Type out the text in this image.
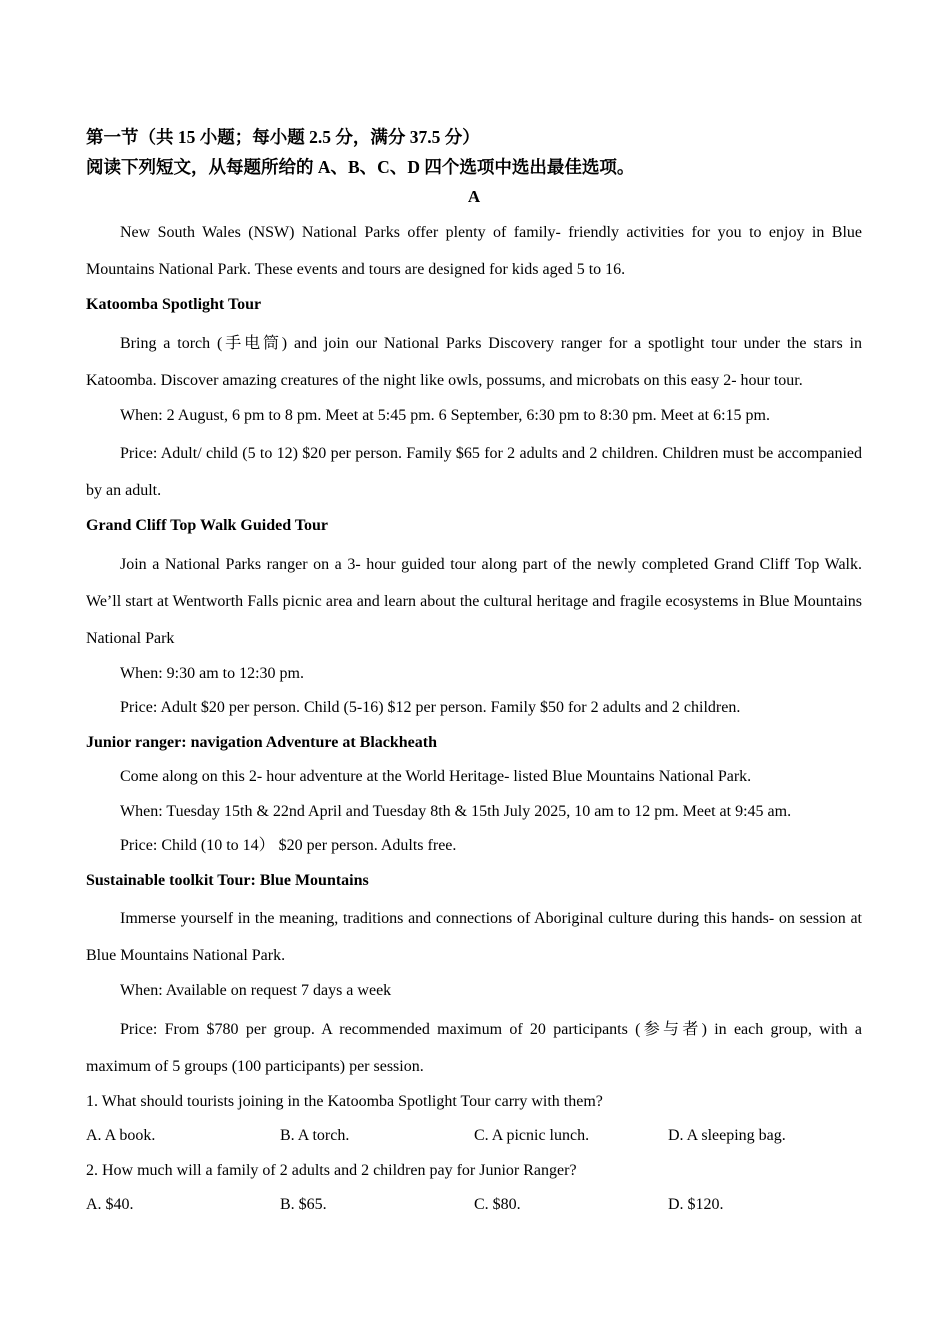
第一节（共 15 小题；每小题 2.5 分，满分 37.5 分）

阅读下列短文，从每题所给的 A、B、C、D 四个选项中选出最佳选项。

A

New South Wales (NSW) National Parks offer plenty of family- friendly activities for you to enjoy in Blue Mountains National Park. These events and tours are designed for kids aged 5 to 16.

Katoomba Spotlight Tour

Bring a torch (手电筒) and join our National Parks Discovery ranger for a spotlight tour under the stars in Katoomba. Discover amazing creatures of the night like owls, possums, and microbats on this easy 2- hour tour.

When: 2 August, 6 pm to 8 pm. Meet at 5:45 pm. 6 September, 6:30 pm to 8:30 pm. Meet at 6:15 pm.

Price: Adult/ child (5 to 12) $20 per person. Family $65 for 2 adults and 2 children. Children must be accompanied by an adult.

Grand Cliff Top Walk Guided Tour

Join a National Parks ranger on a 3- hour guided tour along part of the newly completed Grand Cliff Top Walk. We’ll start at Wentworth Falls picnic area and learn about the cultural heritage and fragile ecosystems in Blue Mountains National Park

When: 9:30 am to 12:30 pm.

Price: Adult $20 per person. Child (5-16) $12 per person. Family $50 for 2 adults and 2 children.

Junior ranger: navigation Adventure at Blackheath

Come along on this 2- hour adventure at the World Heritage- listed Blue Mountains National Park.

When: Tuesday 15th & 22nd April and Tuesday 8th & 15th July 2025, 10 am to 12 pm. Meet at 9:45 am.

Price: Child (10 to 14） $20 per person. Adults free.

Sustainable toolkit Tour: Blue Mountains

Immerse yourself in the meaning, traditions and connections of Aboriginal culture during this hands- on session at Blue Mountains National Park.

When: Available on request 7 days a week

Price: From $780 per group. A recommended maximum of 20 participants (参与者) in each group, with a maximum of 5 groups (100 participants) per session.

1. What should tourists joining in the Katoomba Spotlight Tour carry with them?

A. A book.	B. A torch.	C. A picnic lunch.	D. A sleeping bag.

2. How much will a family of 2 adults and 2 children pay for Junior Ranger?

A. $40.	B. $65.	C. $80.	D. $120.
